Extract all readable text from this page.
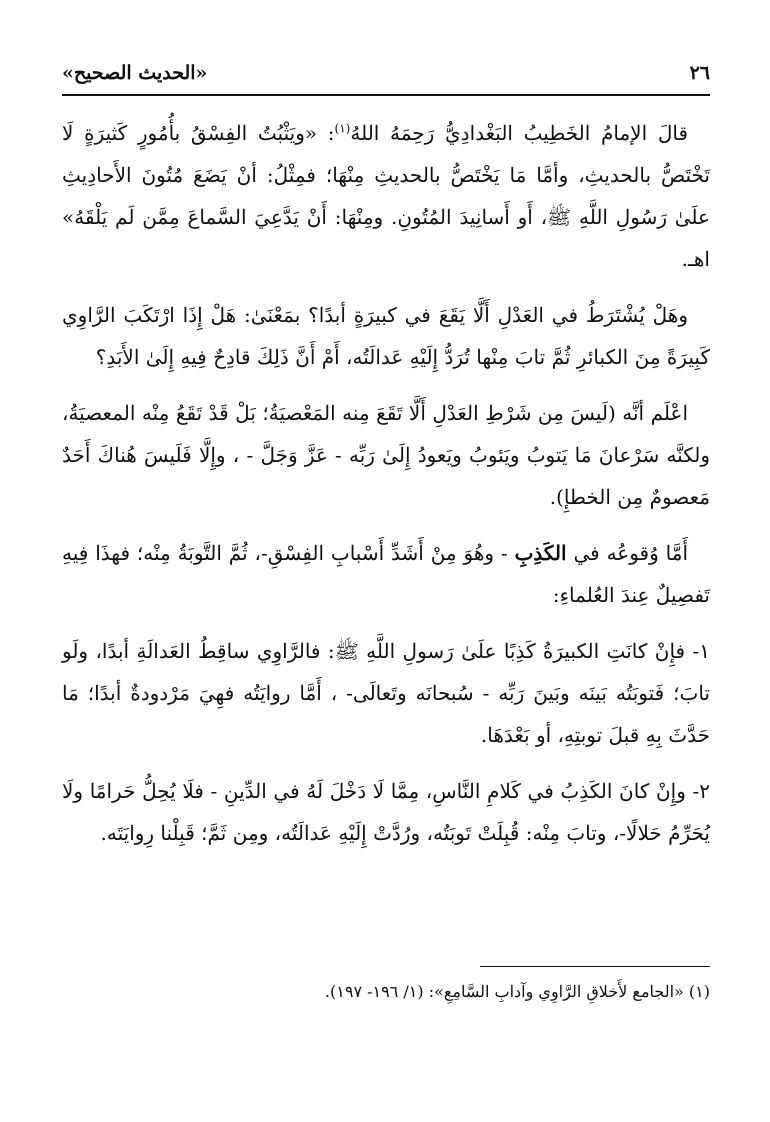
٢٦
«الحديث الصحيح»

قالَ الإمامُ الخَطِيبُ البَغْدادِيُّ رَحِمَهُ اللهُ$^{(١)}$: «ويَثْبُتُ الفِسْقُ بأُمُورٍ كَثيرَةٍ لَا تَخْتَصُّ بالحديثِ، وأمَّا مَا يَخْتَصُّ بالحديثِ مِنْهَا؛ فمِثْلُ: أنْ يَضَعَ مُتُونَ الأَحادِيثِ علَىٰ رَسُولِ اللَّهِ ﷺ، أَو أَسانِيدَ المُتُونِ. ومِنْهَا: أَنْ يَدَّعِيَ السَّماعَ مِمَّن لَم يَلْقَهُ» اهـ.

وهَلْ يُشْتَرَطُ في العَدْلِ أَلَّا يَقَعَ في كبيرَةٍ أبدًا؟ بمَعْنَىٰ: هَلْ إِذَا ارْتَكَبَ الرَّاوِي كَبِيرَةً مِنَ الكبائرِ ثُمَّ تابَ مِنْها تُرَدُّ إِلَيْهِ عَدالَتُه، أَمْ أَنَّ ذَلِكَ قادِحٌ فِيهِ إِلَىٰ الأَبَدِ؟

اعْلَم أنَّه (لَيسَ مِن شَرْطِ العَدْلِ أَلَّا تَقَعَ مِنه المَعْصيَةُ؛ بَلْ قَدْ تَقَعُ مِنْه المعصيَةُ، ولكنَّه سَرْعانَ مَا يَتوبُ ويَئوبُ ويَعودُ إِلَىٰ رَبِّه - عَزَّ وَجَلَّ - ، وإِلَّا فَلَيسَ هُناكَ أَحَدٌ مَعصومٌ مِن الخطإِ).

أَمَّا وُقوعُه في الكَذِبِ - وهُوَ مِنْ أَشَدِّ أَسْبابِ الفِسْقِ-، ثُمَّ التَّوبَةُ مِنْه؛ فهذَا فِيهِ تَفصِيلٌ عِندَ العُلماءِ:

١- فإِنْ كانَتِ الكبيرَةُ كَذِبًا علَىٰ رَسولِ اللَّهِ ﷺ: فالرَّاوِي ساقِطُ العَدالَةِ أبدًا، ولَو تابَ؛ فَتوبَتُه بَينَه وبَينَ رَبِّه - سُبحانَه وتَعالَى- ، أَمَّا روايَتُه فهِيَ مَرْدودةٌ أبدًا؛ مَا حَدَّثَ بِهِ قبلَ توبتِهِ، أو بَعْدَهَا.

٢- وإِنْ كانَ الكَذِبُ في كَلامِ النَّاسِ، مِمَّا لَا دَخْلَ لَهُ في الدِّينِ - فلَا يُحِلُّ حَرامًا ولَا يُحَرِّمُ حَلالًا-، وتابَ مِنْه: قُبِلَتْ تَوبَتُه، ورُدَّتْ إِلَيْهِ عَدالَتُه، ومِن ثَمَّ؛ قَبِلْنا رِوايَتَه.

(١) «الجامع لأَخلاقِ الرَّاوِي وآدابِ السَّامِعِ»: (١/ ١٩٦- ١٩٧).
